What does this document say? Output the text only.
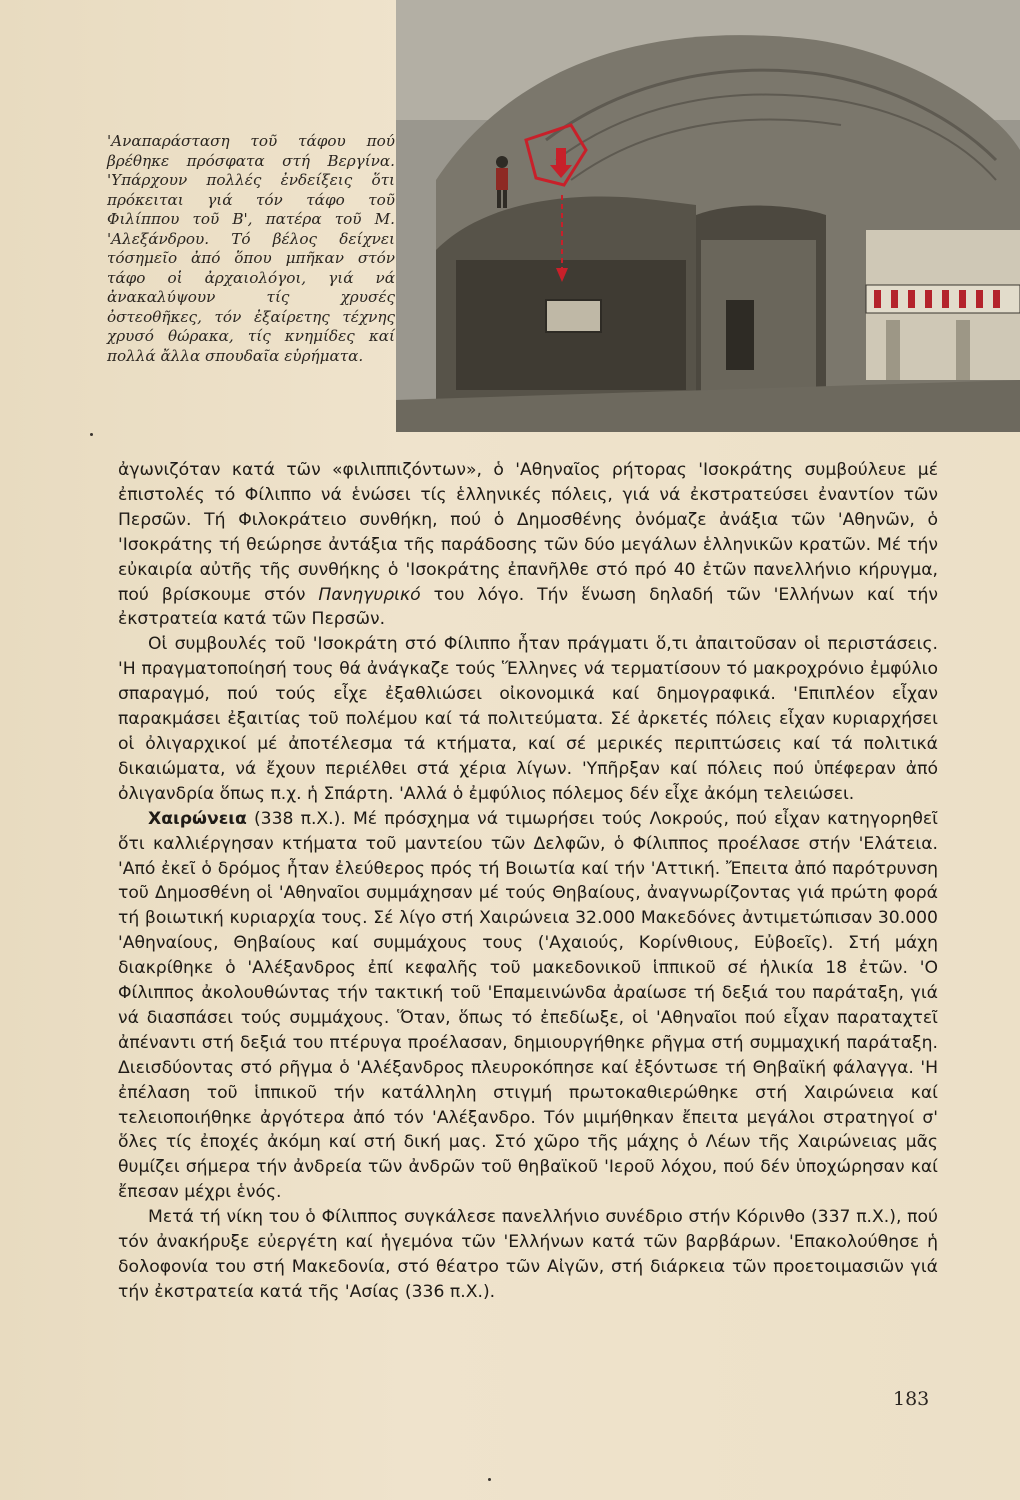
'Αναπαράσταση τοῦ τάφου πού βρέθηκε πρόσφατα στή Βεργίνα. 'Υπάρχουν πολλές ἐνδείξεις ὅτι πρόκειται γιά τόν τάφο τοῦ Φιλίππου τοῦ Β', πατέρα τοῦ Μ. 'Αλεξάνδρου. Τό βέλος δείχνει τόσημεῖο ἀπό ὅπου μπῆκαν στόν τάφο οἱ ἀρχαιολόγοι, γιά νά ἀνακαλύψουν τίς χρυσές ὀστεοθῆκες, τόν ἐξαίρετης τέχνης χρυσό θώρακα, τίς κνημίδες καί πολλά ἄλλα σπουδαῖα εὑρήματα.

ἀγωνιζόταν κατά τῶν «φιλιππιζόντων», ὁ 'Αθηναῖος ρήτορας 'Ισοκράτης συμβούλευε μέ ἐπιστολές τό Φίλιππο νά ἑνώσει τίς ἑλληνικές πόλεις, γιά νά ἐκστρατεύσει ἐναντίον τῶν Περσῶν. Τή Φιλοκράτειο συνθήκη, πού ὁ Δημοσθένης ὀνόμαζε ἀνάξια τῶν 'Αθηνῶν, ὁ 'Ισοκράτης τή θεώρησε ἀντάξια τῆς παράδοσης τῶν δύο μεγάλων ἑλληνικῶν κρατῶν. Μέ τήν εὐκαιρία αὐτῆς τῆς συνθήκης ὁ 'Ισοκράτης ἐπανῆλθε στό πρό 40 ἐτῶν πανελλήνιο κήρυγμα, πού βρίσκουμε στόν Πανηγυρικό του λόγο. Τήν ἕνωση δηλαδή τῶν 'Ελλήνων καί τήν ἐκστρατεία κατά τῶν Περσῶν.

Οἱ συμβουλές τοῦ 'Ισοκράτη στό Φίλιππο ἦταν πράγματι ὅ,τι ἀπαιτοῦσαν οἱ περιστάσεις. 'Η πραγματοποίησή τους θά ἀνάγκαζε τούς Ἕλληνες νά τερματίσουν τό μακροχρόνιο ἐμφύλιο σπαραγμό, πού τούς εἶχε ἐξαθλιώσει οἰκονομικά καί δημογραφικά. 'Επιπλέον εἶχαν παρακμάσει ἐξαιτίας τοῦ πολέμου καί τά πολιτεύματα. Σέ ἀρκετές πόλεις εἶχαν κυριαρχήσει οἱ ὀλιγαρχικοί μέ ἀποτέλεσμα τά κτήματα, καί σέ μερικές περιπτώσεις καί τά πολιτικά δικαιώματα, νά ἔχουν περιέλθει στά χέρια λίγων. 'Υπῆρξαν καί πόλεις πού ὑπέφεραν ἀπό ὀλιγανδρία ὅπως π.χ. ἡ Σπάρτη. 'Αλλά ὁ ἐμφύλιος πόλεμος δέν εἶχε ἀκόμη τελειώσει.

Χαιρώνεια (338 π.Χ.). Μέ πρόσχημα νά τιμωρήσει τούς Λοκρούς, πού εἶχαν κατηγορηθεῖ ὅτι καλλιέργησαν κτήματα τοῦ μαντείου τῶν Δελφῶν, ὁ Φίλιππος προέλασε στήν 'Ελάτεια. 'Από ἐκεῖ ὁ δρόμος ἦταν ἐλεύθερος πρός τή Βοιωτία καί τήν 'Αττική. Ἔπειτα ἀπό παρότρυνση τοῦ Δημοσθένη οἱ 'Αθηναῖοι συμμάχησαν μέ τούς Θηβαίους, ἀναγνωρίζοντας γιά πρώτη φορά τή βοιωτική κυριαρχία τους. Σέ λίγο στή Χαιρώνεια 32.000 Μακεδόνες ἀντιμετώπισαν 30.000 'Αθηναίους, Θηβαίους καί συμμάχους τους ('Αχαιούς, Κορίνθιους, Εὐβοεῖς). Στή μάχη διακρίθηκε ὁ 'Αλέξανδρος ἐπί κεφαλῆς τοῦ μακεδονικοῦ ἱππικοῦ σέ ἡλικία 18 ἐτῶν. 'Ο Φίλιππος ἀκολουθώντας τήν τακτική τοῦ 'Επαμεινώνδα ἀραίωσε τή δεξιά του παράταξη, γιά νά διασπάσει τούς συμμάχους. Ὅταν, ὅπως τό ἐπεδίωξε, οἱ 'Αθηναῖοι πού εἶχαν παραταχτεῖ ἀπέναντι στή δεξιά του πτέρυγα προέλασαν, δημιουργήθηκε ρῆγμα στή συμμαχική παράταξη. Διεισδύοντας στό ρῆγμα ὁ 'Αλέξανδρος πλευροκόπησε καί ἐξόντωσε τή Θηβαϊκή φάλαγγα. 'Η ἐπέλαση τοῦ ἱππικοῦ τήν κατάλληλη στιγμή πρωτοκαθιερώθηκε στή Χαιρώνεια καί τελειοποιήθηκε ἀργότερα ἀπό τόν 'Αλέξανδρο. Τόν μιμήθηκαν ἔπειτα μεγάλοι στρατηγοί σ' ὅλες τίς ἐποχές ἀκόμη καί στή δική μας. Στό χῶρο τῆς μάχης ὁ Λέων τῆς Χαιρώνειας μᾶς θυμίζει σήμερα τήν ἀνδρεία τῶν ἀνδρῶν τοῦ θηβαϊκοῦ 'Ιεροῦ λόχου, πού δέν ὑποχώρησαν καί ἔπεσαν μέχρι ἑνός.

Μετά τή νίκη του ὁ Φίλιππος συγκάλεσε πανελλήνιο συνέδριο στήν Κόρινθο (337 π.Χ.), πού τόν ἀνακήρυξε εὐεργέτη καί ἡγεμόνα τῶν 'Ελλήνων κατά τῶν βαρβάρων. 'Επακολούθησε ἡ δολοφονία του στή Μακεδονία, στό θέατρο τῶν Αἰγῶν, στή διάρκεια τῶν προετοιμασιῶν γιά τήν ἐκστρατεία κατά τῆς 'Ασίας (336 π.Χ.).

183
